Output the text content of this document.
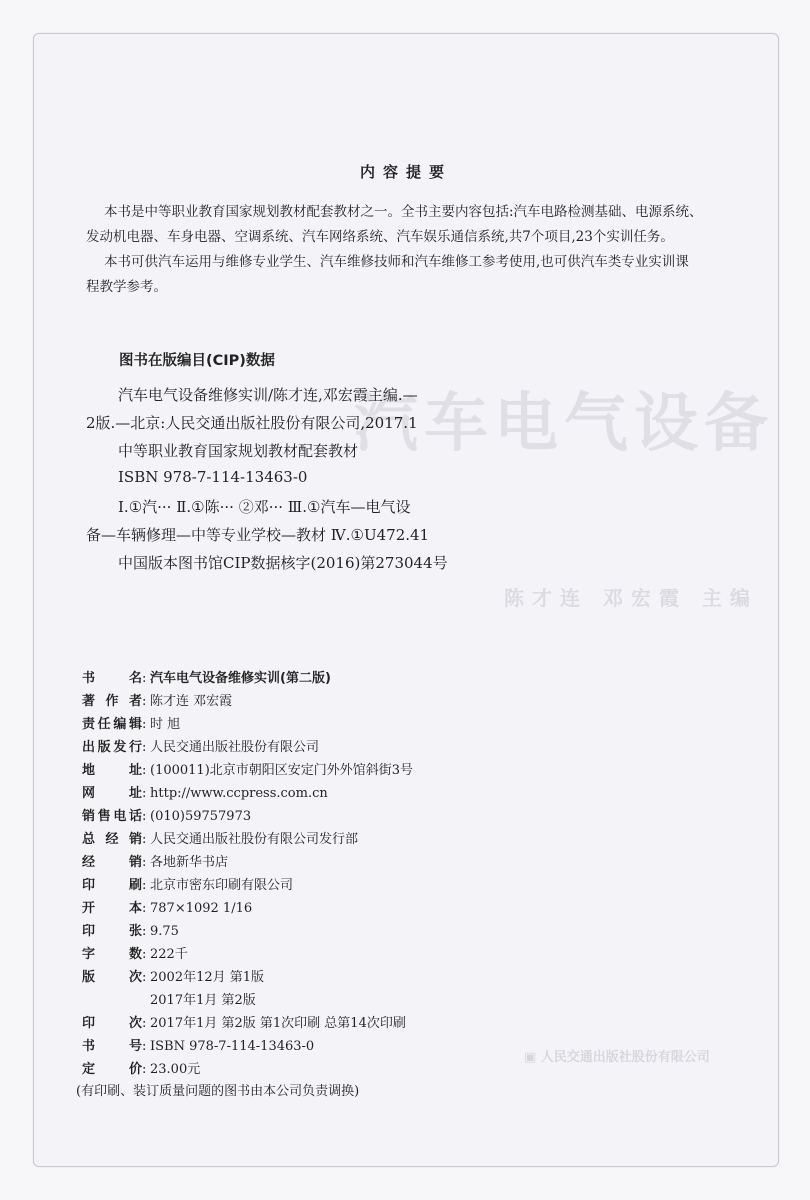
汽车电气设备
陈才连 邓宏霞 主编
▣ 人民交通出版社股份有限公司
内容提要
本书是中等职业教育国家规划教材配套教材之一。全书主要内容包括:汽车电路检测基础、电源系统、
发动机电器、车身电器、空调系统、汽车网络系统、汽车娱乐通信系统,共7个项目,23个实训任务。
本书可供汽车运用与维修专业学生、汽车维修技师和汽车维修工参考使用,也可供汽车类专业实训课
程教学参考。
图书在版编目(CIP)数据
汽车电气设备维修实训/陈才连,邓宏霞主编.—
2版.—北京:人民交通出版社股份有限公司,2017.1
中等职业教育国家规划教材配套教材
ISBN 978-7-114-13463-0
Ⅰ.①汽··· Ⅱ.①陈··· ②邓··· Ⅲ.①汽车—电气设
备—车辆修理—中等专业学校—教材 Ⅳ.①U472.41
中国版本图书馆CIP数据核字(2016)第273044号
书名: 汽车电气设备维修实训(第二版)
著作者: 陈才连 邓宏霞
责任编辑: 时 旭
出版发行: 人民交通出版社股份有限公司
地址: (100011)北京市朝阳区安定门外外馆斜街3号
网址: http://www.ccpress.com.cn
销售电话: (010)59757973
总经销: 人民交通出版社股份有限公司发行部
经销: 各地新华书店
印刷: 北京市密东印刷有限公司
开本: 787×1092 1/16
印张: 9.75
字数: 222千
版次: 2002年12月 第1版
2017年1月 第2版
印次: 2017年1月 第2版 第1次印刷 总第14次印刷
书号: ISBN 978-7-114-13463-0
定价: 23.00元
(有印刷、装订质量问题的图书由本公司负责调换)
